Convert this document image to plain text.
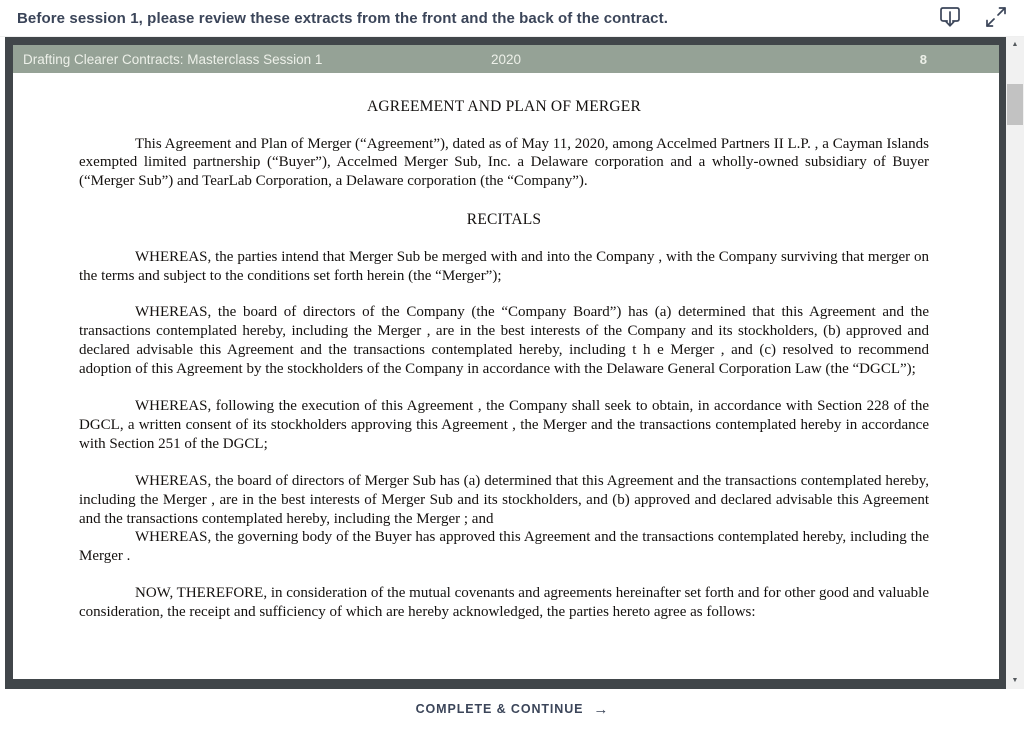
Before session 1, please review these extracts from the front and the back of the contract.
Drafting Clearer Contracts: Masterclass Session 1	2020	8
AGREEMENT AND PLAN OF MERGER

This Agreement and Plan of Merger (“Agreement”), dated as of May 11, 2020, among Accelmed Partners II L.P. , a Cayman Islands exempted limited partnership (“Buyer”), Accelmed Merger Sub, Inc. a Delaware corporation and a wholly-owned subsidiary of Buyer (“Merger Sub”) and TearLab Corporation, a Delaware corporation (the “Company”).

RECITALS

WHEREAS, the parties intend that Merger Sub be merged with and into the Company , with the Company surviving that merger on the terms and subject to the conditions set forth herein (the “Merger”);

WHEREAS, the board of directors of the Company (the “Company Board”) has (a) determined that this Agreement and the transactions contemplated hereby, including the Merger , are in the best interests of the Company and its stockholders, (b) approved and declared advisable this Agreement and the transactions contemplated hereby, including t h e Merger , and (c) resolved to recommend adoption of this Agreement by the stockholders of the Company in accordance with the Delaware General Corporation Law (the “DGCL”);

WHEREAS, following the execution of this Agreement , the Company shall seek to obtain, in accordance with Section 228 of the DGCL, a written consent of its stockholders approving this Agreement , the Merger and the transactions contemplated hereby in accordance with Section 251 of the DGCL;

WHEREAS, the board of directors of Merger Sub has (a) determined that this Agreement and the transactions contemplated hereby, including the Merger , are in the best interests of Merger Sub and its stockholders, and (b) approved and declared advisable this Agreement and the transactions contemplated hereby, including the Merger ; and

WHEREAS, the governing body of the Buyer has approved this Agreement and the transactions contemplated hereby, including the Merger .

NOW, THEREFORE, in consideration of the mutual covenants and agreements hereinafter set forth and for other good and valuable consideration, the receipt and sufficiency of which are hereby acknowledged, the parties hereto agree as follows:

▲
▼
COMPLETE & CONTINUE →
